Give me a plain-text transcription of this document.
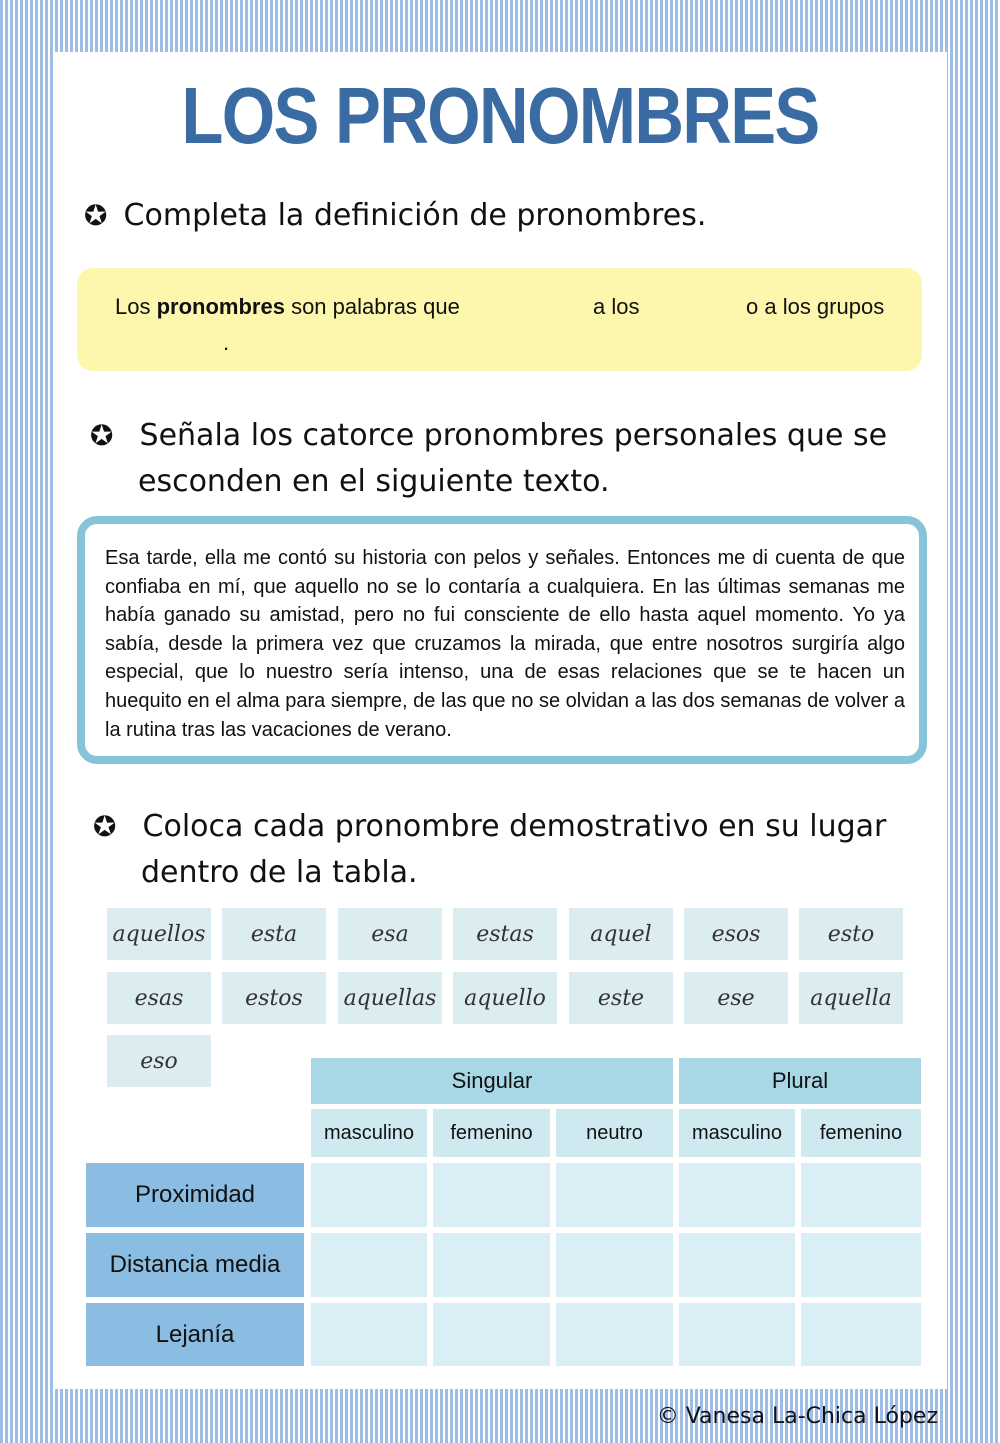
LOS PRONOMBRES

✪ Completa la definición de pronombres.

Los pronombres son palabras que	a los	o a los grupos
.

✪ Señala los catorce pronombres personales que se
esconden en el siguiente texto.

Esa tarde, ella me contó su historia con pelos y señales. Entonces me di cuenta de que confiaba en mí, que aquello no se lo contaría a cualquiera. En las últimas semanas me había ganado su amistad, pero no fui consciente de ello hasta aquel momento. Yo ya sabía, desde la primera vez que cruzamos la mirada, que entre nosotros surgiría algo especial, que lo nuestro sería intenso, una de esas relaciones que se te hacen un huequito en el alma para siempre, de las que no se olvidan a las dos semanas de volver a la rutina tras las vacaciones de verano.

✪ Coloca cada pronombre demostrativo en su lugar
dentro de la tabla.

aquellos	esta	esa	estas	aquel	esos	esto
esas	estos	aquellas	aquello	este	ese	aquella
eso
Singular	Plural
masculino	femenino	neutro	masculino	femenino
Proximidad
Distancia media
Lejanía

© Vanesa La-Chica López
